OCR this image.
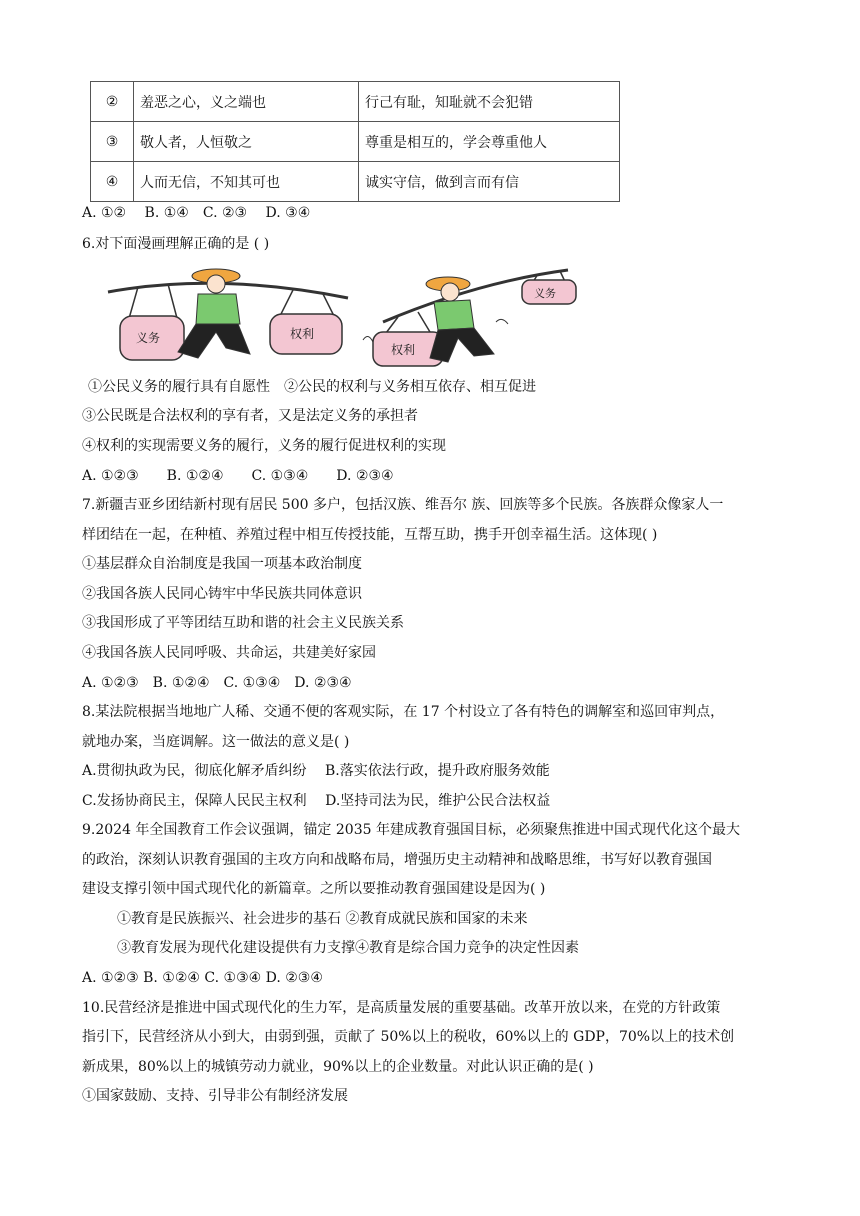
②	羞恶之心，义之端也	行己有耻，知耻就不会犯错
③	敬人者，人恒敬之	尊重是相互的，学会尊重他人
④	人而无信，不知其可也	诚实守信，做到言而有信
A. ①②　 B. ①④　C. ②③　 D. ③④
6.对下面漫画理解正确的是 ( )
义务	权利
权利
义务
①公民义务的履行具有自愿性　②公民的权利与义务相互依存、相互促进
③公民既是合法权利的享有者，又是法定义务的承担者
④权利的实现需要义务的履行，义务的履行促进权利的实现
A. ①②③　　B. ①②④　　C. ①③④　　D. ②③④
7.新疆吉亚乡团结新村现有居民 500 多户，包括汉族、维吾尔 族、回族等多个民族。各族群众像家人一
样团结在一起，在种植、养殖过程中相互传授技能，互帮互助，携手开创幸福生活。这体现( )
①基层群众自治制度是我国一项基本政治制度
②我国各族人民同心铸牢中华民族共同体意识
③我国形成了平等团结互助和谐的社会主义民族关系
④我国各族人民同呼吸、共命运，共建美好家园
A. ①②③　B. ①②④　C. ①③④　D. ②③④
8.某法院根据当地地广人稀、交通不便的客观实际，在 17 个村设立了各有特色的调解室和巡回审判点，
就地办案，当庭调解。这一做法的意义是( )
A.贯彻执政为民，彻底化解矛盾纠纷　 B.落实依法行政，提升政府服务效能
C.发扬协商民主，保障人民民主权利　 D.坚持司法为民，维护公民合法权益
9.2024 年全国教育工作会议强调，锚定 2035 年建成教育强国目标，必须聚焦推进中国式现代化这个最大
的政治，深刻认识教育强国的主攻方向和战略布局，增强历史主动精神和战略思维，书写好以教育强国
建设支撑引领中国式现代化的新篇章。之所以要推动教育强国建设是因为( )
①教育是民族振兴、社会进步的基石 ②教育成就民族和国家的未来
③教育发展为现代化建设提供有力支撑④教育是综合国力竞争的决定性因素
A. ①②③ B. ①②④ C. ①③④ D. ②③④
10.民营经济是推进中国式现代化的生力军，是高质量发展的重要基础。改革开放以来，在党的方针政策
指引下，民营经济从小到大，由弱到强，贡献了 50%以上的税收，60%以上的 GDP，70%以上的技术创
新成果，80%以上的城镇劳动力就业，90%以上的企业数量。对此认识正确的是( )
①国家鼓励、支持、引导非公有制经济发展
